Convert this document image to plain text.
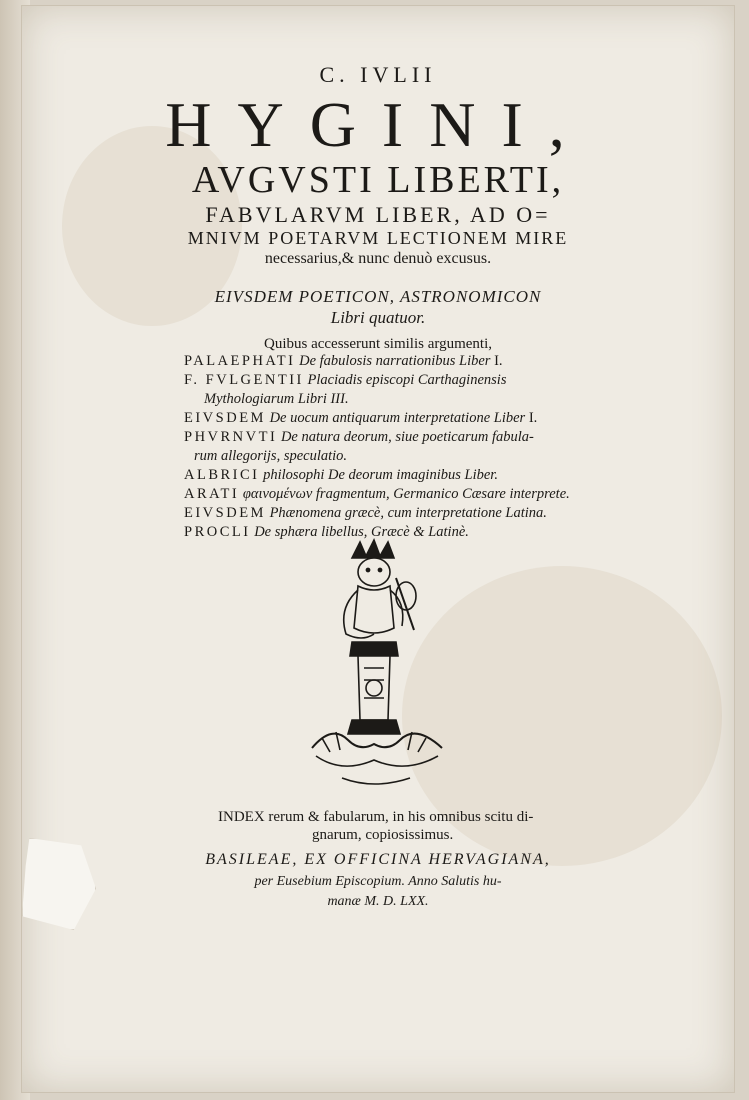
C. IVLII
HYGINI,
AVGVSTI LIBERTI,
FABVLARVM LIBER, AD O=
MNIVM POETARVM LECTIONEM MIRE
necessarius,& nunc denuò excusus.
EIVSDEM POETICON, ASTRONOMICON
Libri quatuor.
Quibus accesserunt similis argumenti,
PALAEPHATI De fabulosis narrationibus Liber I.
F. FVLGENTII Placiadis episcopi Carthaginensis
Mythologiarum Libri III.
EIVSDEM De uocum antiquarum interpretatione Liber I.
PHVRNVTI De natura deorum, siue poeticarum fabula-
rum allegorijs, speculatio.
ALBRICI philosophi De deorum imaginibus Liber.
ARATI φαινομένων fragmentum, Germanico Cæsare interprete.
EIVSDEM Phænomena græcè, cum interpretatione Latina.
PROCLI De sphæra libellus, Græcè & Latinè.
INDEX rerum & fabularum, in his omnibus scitu di-
gnarum, copiosissimus.
BASILEAE, EX OFFICINA HERVAGIANA,
per Eusebium Episcopium. Anno Salutis hu-
manæ M. D. LXX.
